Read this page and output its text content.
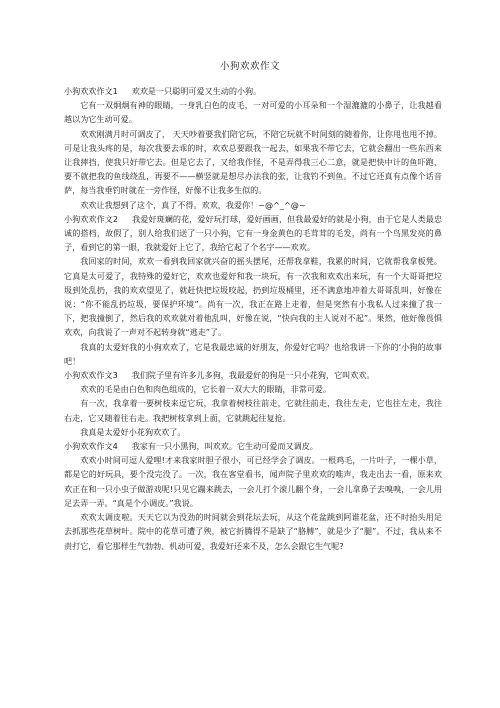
小狗欢欢作文

小狗欢欢作文1 欢欢是一只聪明可爱又生动的小狗。

它有一双炯炯有神的眼睛，一身乳白色的皮毛，一对可爱的小耳朵和一个湿漉漉的小鼻子，让我越看越以为它生动可爱。

欢欢刚满月时可调皮了， 天天吵着要我们陪它玩，不陪它玩就不时间刻的随着你，让你甩也甩不掉。可是让我头疼的是，每次我要去乖的时，欢欢总要跟我一起去，如果我不带它去，它就会翻出一些东西来让我摔挡，使我只好带它去。但是它去了，又给我作怪，不是弄得我三心二意，就是把快中计的鱼吓跑，要不就把我的鱼线绕乱，再要不——横竖就是想尽办法我的张，让我钓不到鱼。不过它还真有点像个话音萨，每当我垂钓时就在一旁作怪，好像不让我多生似的。

欢欢让我想到了这个，真了不得。欢欢，我爱你！~@^_^@~

小狗欢欢作文2 我爱好斑斓的花，爱好玩打球，爱好画画，但我最爱好的就是小狗，由于它是人类最忠诚的搭档，故假了，别人给我们送了一只小狗，它有一身金黄色的毛茸茸的毛发，尚有一个鸟黑发亮的鼻子，看到它的第一眼，我就爱好上它了，我给它起了个名字——欢欢。

我回家的时间，欢欢一看到我回家就兴奋的摇头摆尾，还帮我拿鞋，我累的时间，它就帮我拿板凳。它真是太可爱了，我特殊的爱好它，欢欢也爱好和我一块玩，有一次我和欢欢出来玩，有一个大哥哥把垃圾到处乱扔，我的欢欢望见了，就赶快把垃圾咬起，扔到垃圾桶里，还不满意地冲着大哥哥乱叫，好像在说：“你不能乱扔垃圾，要保护环境”。尚有一次，我正在路上走着，但是突然有小我私人过来撞了我一下，把我撞倒了，然后我的欢欢就对着他乱叫，好像在说，“快向我的主人说对不起”。果然，他好像畏惧欢欢，向我说了一声对不起转身就“逃走”了。

我真的太爱好我的小狗欢欢了，它是我最忠诚的好朋友，你爱好它吗？也给我讲一下你的‘小狗的故事吧！

小狗欢欢作文3 我们院子里有许多儿多狗，我最爱好的狗是一只小花狗，它叫欢欢。

欢欢的毛是由白色和肉色组成的，它长着一双大大的眼睛，非常可爱。

有一次，我拿着一要树枝来逗它玩，我拿着树枝往前走，它就往前走，我往左走，它也往左走，我往右走，它又随着往右走。我把树枝拿到上面，它就跳起往复抢。

我真是太爱好小花狗欢欢了。

小狗欢欢作文4 我家有一只小黑狗，叫欢欢。它生动可爱而又调皮。

欢欢小时间可逗人爱哩!才来我家时胆子很小，可已经学会了调皮。一根鸡毛，一片叶子，一棵小草，都是它的好玩具，要个没完没了。一次，我在客堂看书，闻声院子里欢欢的唯声，我走出去一看，原来欢欢正在和一只小虫子做游戏呢!只见它蹦来跳去，一会儿打个滚儿翻个身，一会儿拿鼻子去嗅嗅，一会儿用足去弄一弄。“真是个小调皮。”我说。

欢欢太调皮啦。天天它以为没劲的时间就会到花坛去玩，从这个花盆跳到阿谁花盆，还不时抬头用足去抓那些花草树叶。院中的花草可遭了殃，被它折腾得不是缺了“胳膊”，就是少了“腿”。不过，我从来不责打它，看它那样生气勃勃、机动可爱，我爱好还来不及，怎么会跟它生气呢?
